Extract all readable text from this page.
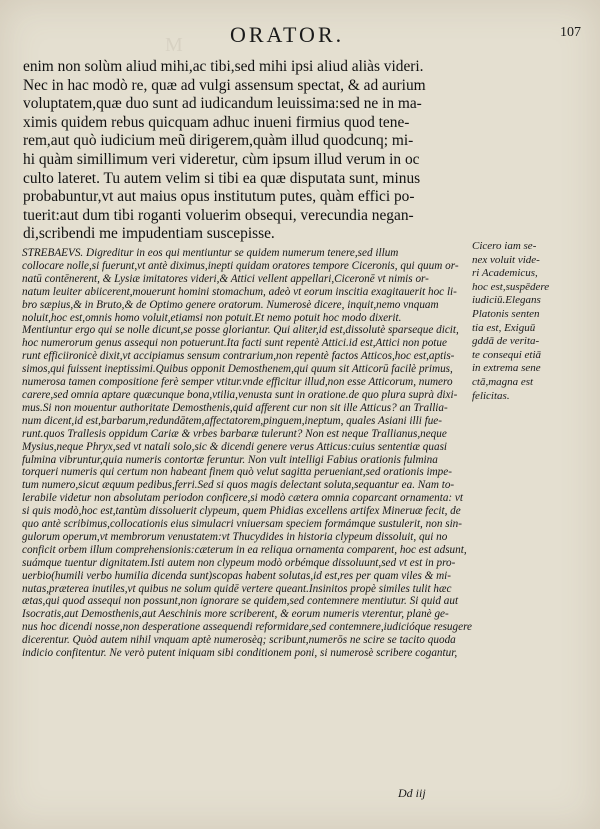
M	ORATOR.	107
enim non solùm aliud mihi,ac tibi,sed mihi ipsi aliud aliàs videri.
Nec in hac modò re, quæ ad vulgi assensum spectat, & ad aurium
voluptatem,quæ duo sunt ad iudicandum leuissima:sed ne in ma-
ximis quidem rebus quicquam adhuc inueni firmius quod tene-
rem,aut quò iudicium meũ dirigerem,quàm illud quodcunq; mi-
hi quàm simillimum veri videretur, cùm ipsum illud verum in oc
culto lateret. Tu autem velim si tibi ea quæ disputata sunt, minus
probabuntur,vt aut maius opus institutum putes, quàm effici po-
tuerit:aut dum tibi roganti voluerim obsequi, verecundia negan-
di,scribendi me impudentiam suscepisse.
Cicero iam se-
nex voluit vide-
ri Academicus,
hoc est,suspēdere
iudiciū.Elegans
Platonis senten
tia est, Exiguū
gddā de verita-
te consequi etiā
in extrema sene
ctā,magna est
felicitas.
STREBAEVS. Digreditur in eos qui mentiuntur se quidem numerum tenere,sed illum
collocare nolle,si fuerunt,vt antè diximus,inepti quidam oratores tempore Ciceronis, qui quum or-
natū contēnerent, & Lysiæ imitatores videri,& Attici vellent appellari,Ciceronē vt nimis or-
natum leuiter abiicerent,mouerunt homini stomachum, adeò vt eorum inscitia exagitauerit hoc li-
bro sæpius,& in Bruto,& de Optimo genere oratorum. Numerosè dicere, inquit,nemo vnquam
noluit,hoc est,omnis homo voluit,etiamsi non potuit.Et nemo potuit hoc modo dixerit.
Mentiuntur ergo qui se nolle dicunt,se posse gloriantur. Qui aliter,id est,dissolutè sparseque dicit,
hoc numerorum genus assequi non potuerunt.Ita facti sunt repentè Attici.id est,Attici non potue
runt efficiironicè dixit,vt accipiamus sensum contrarium,non repentè factos Atticos,hoc est,aptis-
simos,qui fuissent ineptissimi.Quibus opponit Demosthenem,qui quum sit Atticorū facilè primus,
numerosa tamen compositione ferè semper vtitur.vnde efficitur illud,non esse Atticorum, numero
carere,sed omnia aptare quæcunque bona,vtilia,venusta sunt in oratione.de quo plura suprà dixi-
mus.Si non mouentur authoritate Demosthenis,quid afferent cur non sit ille Atticus? an Trallia-
num dicent,id est,barbarum,redundātem,affectatorem,pinguem,ineptum, quales Asiani illi fue-
runt.quos Trallesis oppidum Cariæ & vrbes barbaræ tulerunt? Non est neque Trallianus,neque
Mysius,neque Phryx,sed vt natali solo,sic & dicendi genere verus Atticus:cuius sententiæ quasi
fulmina vibruntur,quia numeris contortæ feruntur. Non vult intelligi Fabius orationis fulmina
torqueri numeris qui certum non habeant finem quò velut sagitta perueniant,sed orationis impe-
tum numero,sicut æquum pedibus,ferri.Sed si quos magis delectant soluta,sequantur ea. Nam to-
lerabile videtur non absolutam periodon conficere,si modò cætera omnia coparcant ornamenta: vt
si quis modò,hoc est,tantùm dissoluerit clypeum, quem Phidias excellens artifex Mineruæ fecit, de
quo antè scribimus,collocationis eius simulacri vniuersam speciem formámque sustulerit, non sin-
gulorum operum,vt membrorum venustatem:vt Thucydides in historia clypeum dissoluit, qui no
conficit orbem illum comprehensionis:cæterum in ea reliqua ornamenta comparent, hoc est adsunt,
suámque tuentur dignitatem.Isti autem non clypeum modò orbémque dissoluunt,sed vt est in pro-
uerbio(humili verbo humilia dicenda sunt)scopas habent solutas,id est,res per quam viles & mi-
nutas,præterea inutiles,vt quibus ne solum quidē vertere queant.Insinitos propè similes tulit hæc
ætas,qui quod assequi non possunt,non ignorare se quidem,sed contemnere mentiutur. Si quid aut
Isocratis,aut Demosthenis,aut Aeschinis more scriberent, & eorum numeris vterentur, planè ge-
nus hoc dicendi nosse,non desperatione assequendi reformidare,sed contemnere,iudicióque resugere
dicerentur. Quòd autem nihil vnquam aptè numerosèq; scribunt,numerōs ne scire se tacito quoda
indicio confitentur. Ne verò putent iniquam sibi conditionem poni, si numerosè scribere cogantur,
Dd iij
